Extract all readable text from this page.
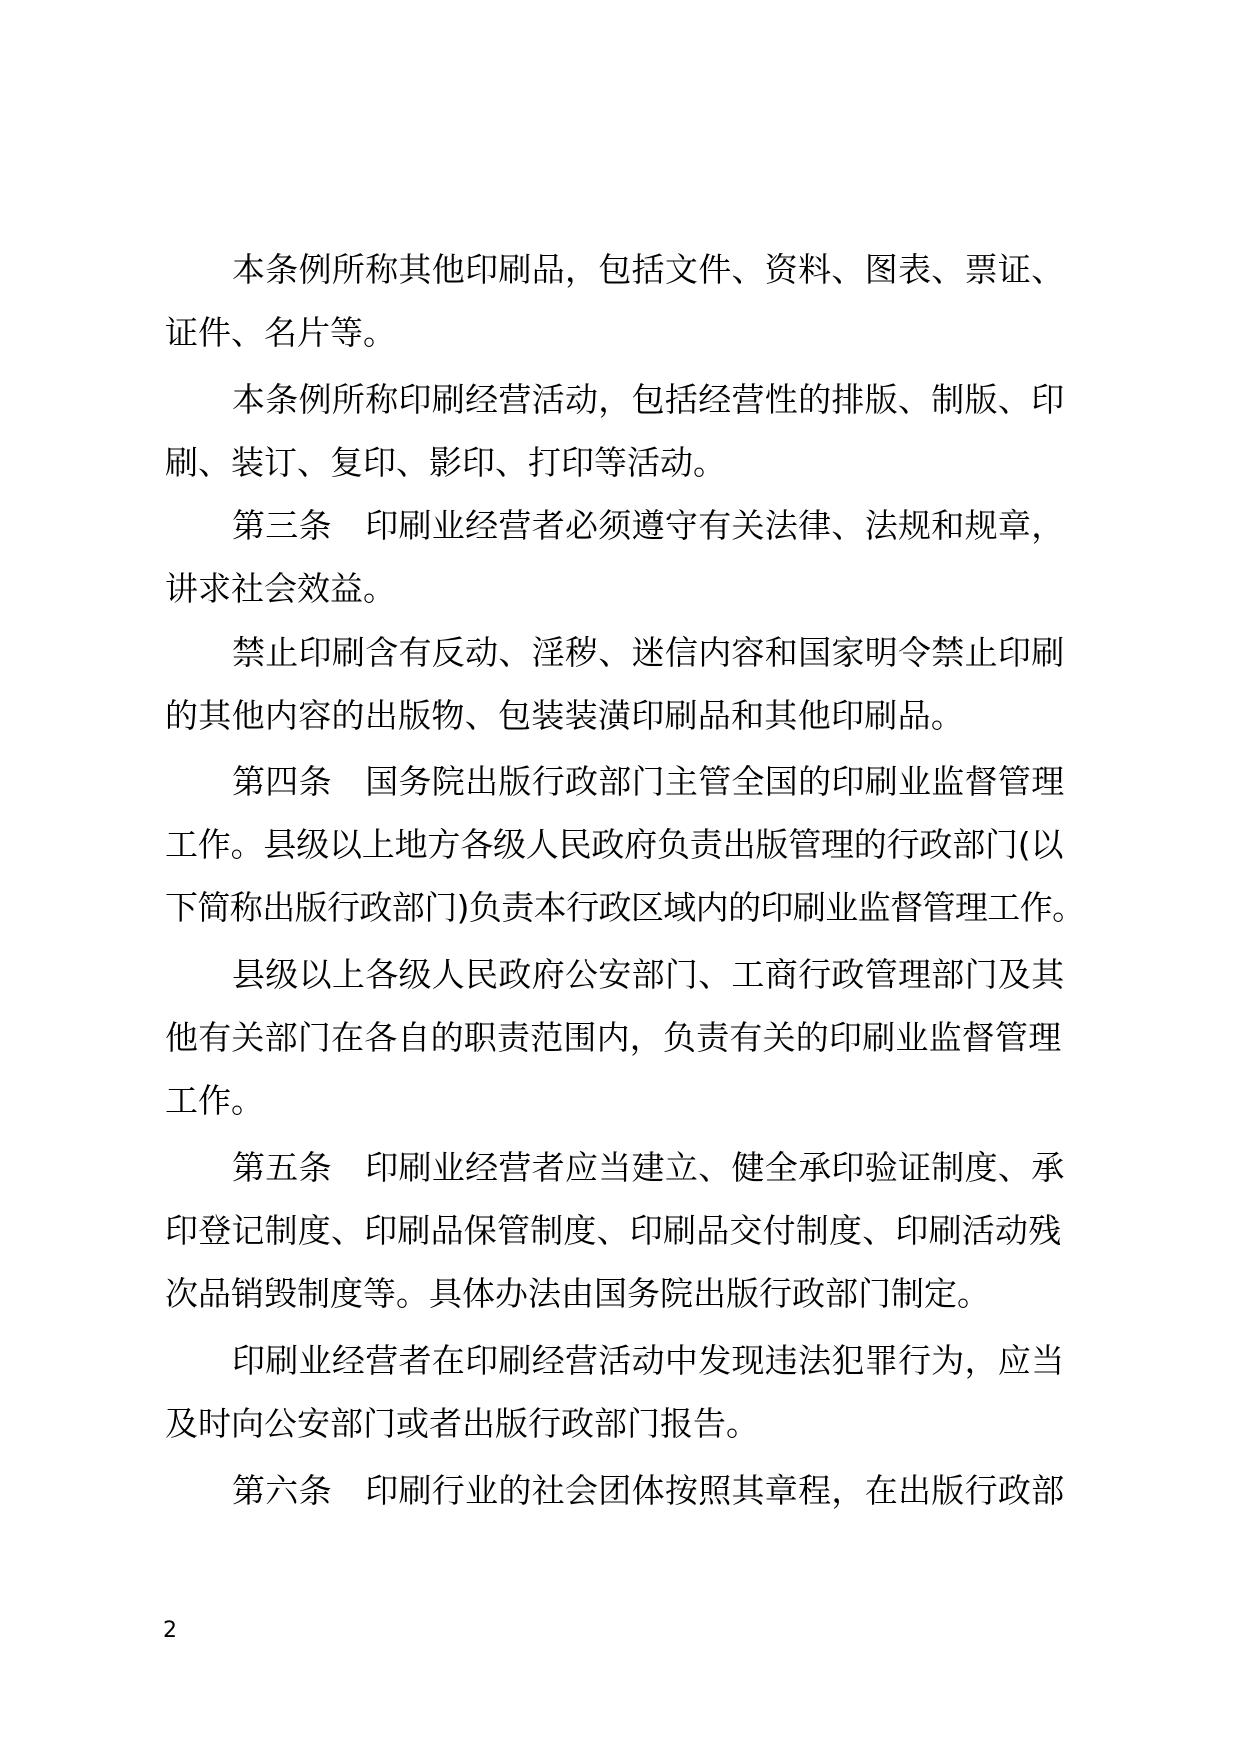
本条例所称其他印刷品，包括文件、资料、图表、票证、

证件、名片等。

本条例所称印刷经营活动，包括经营性的排版、制版、印

刷、装订、复印、影印、打印等活动。

第三条　印刷业经营者必须遵守有关法律、法规和规章，

讲求社会效益。

禁止印刷含有反动、淫秽、迷信内容和国家明令禁止印刷

的其他内容的出版物、包装装潢印刷品和其他印刷品。

第四条　国务院出版行政部门主管全国的印刷业监督管理

工作。县级以上地方各级人民政府负责出版管理的行政部门(以

下简称出版行政部门)负责本行政区域内的印刷业监督管理工作。

县级以上各级人民政府公安部门、工商行政管理部门及其

他有关部门在各自的职责范围内，负责有关的印刷业监督管理

工作。

第五条　印刷业经营者应当建立、健全承印验证制度、承

印登记制度、印刷品保管制度、印刷品交付制度、印刷活动残

次品销毁制度等。具体办法由国务院出版行政部门制定。

印刷业经营者在印刷经营活动中发现违法犯罪行为，应当

及时向公安部门或者出版行政部门报告。

第六条　印刷行业的社会团体按照其章程，在出版行政部

2
